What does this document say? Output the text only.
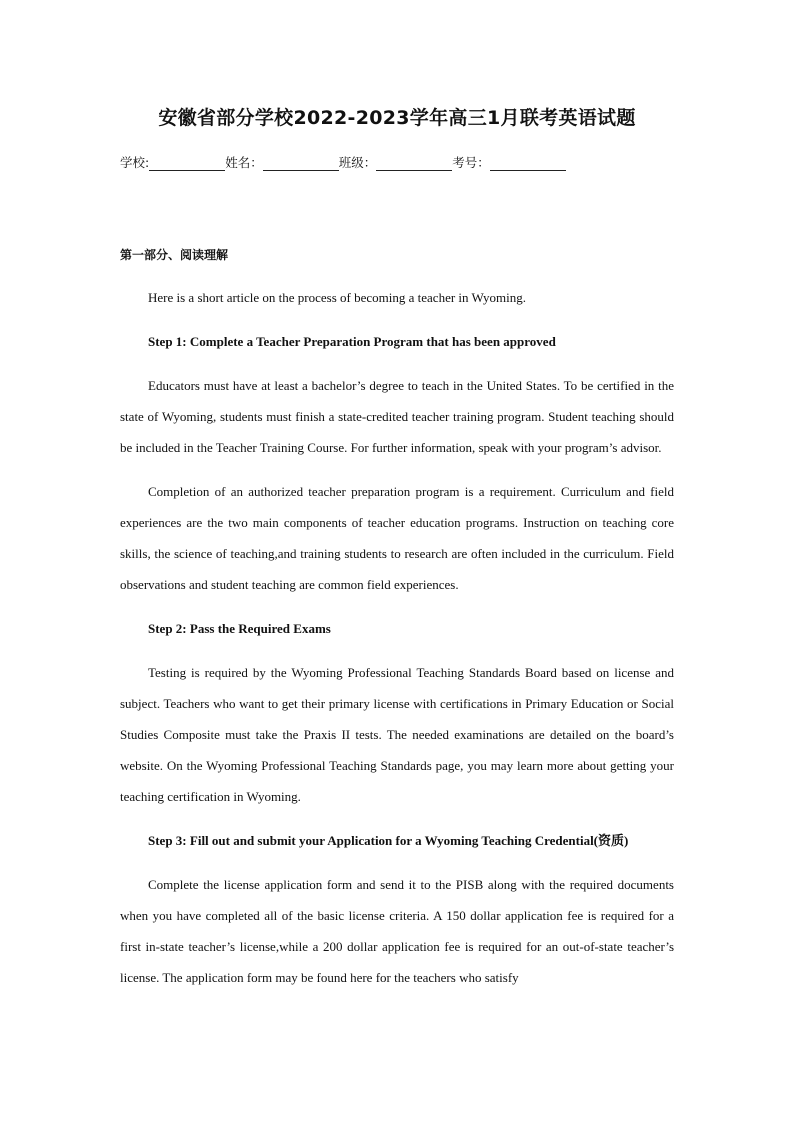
安徽省部分学校2022-2023学年高三1月联考英语试题
学校:	姓名：	班级：	考号：
第一部分、阅读理解

Here is a short article on the process of becoming a teacher in Wyoming.

Step 1: Complete a Teacher Preparation Program that has been approved

Educators must have at least a bachelor’s degree to teach in the United States. To be certified in the state of Wyoming, students must finish a state-credited teacher training program. Student teaching should be included in the Teacher Training Course. For further information, speak with your program’s advisor.

Completion of an authorized teacher preparation program is a requirement. Curriculum and field experiences are the two main components of teacher education programs. Instruction on teaching core skills, the science of teaching,and training students to research are often included in the curriculum. Field observations and student teaching are common field experiences.

Step 2: Pass the Required Exams

Testing is required by the Wyoming Professional Teaching Standards Board based on license and subject. Teachers who want to get their primary license with certifications in Primary Education or Social Studies Composite must take the Praxis II tests. The needed examinations are detailed on the board’s website. On the Wyoming Professional Teaching Standards page, you may learn more about getting your teaching certification in Wyoming.

Step 3: Fill out and submit your Application for a Wyoming Teaching Credential(资质)

Complete the license application form and send it to the PISB along with the required documents when you have completed all of the basic license criteria. A 150 dollar application fee is required for a first in-state teacher’s license,while a 200 dollar application fee is required for an out-of-state teacher’s license. The application form may be found here for the teachers who satisfy
